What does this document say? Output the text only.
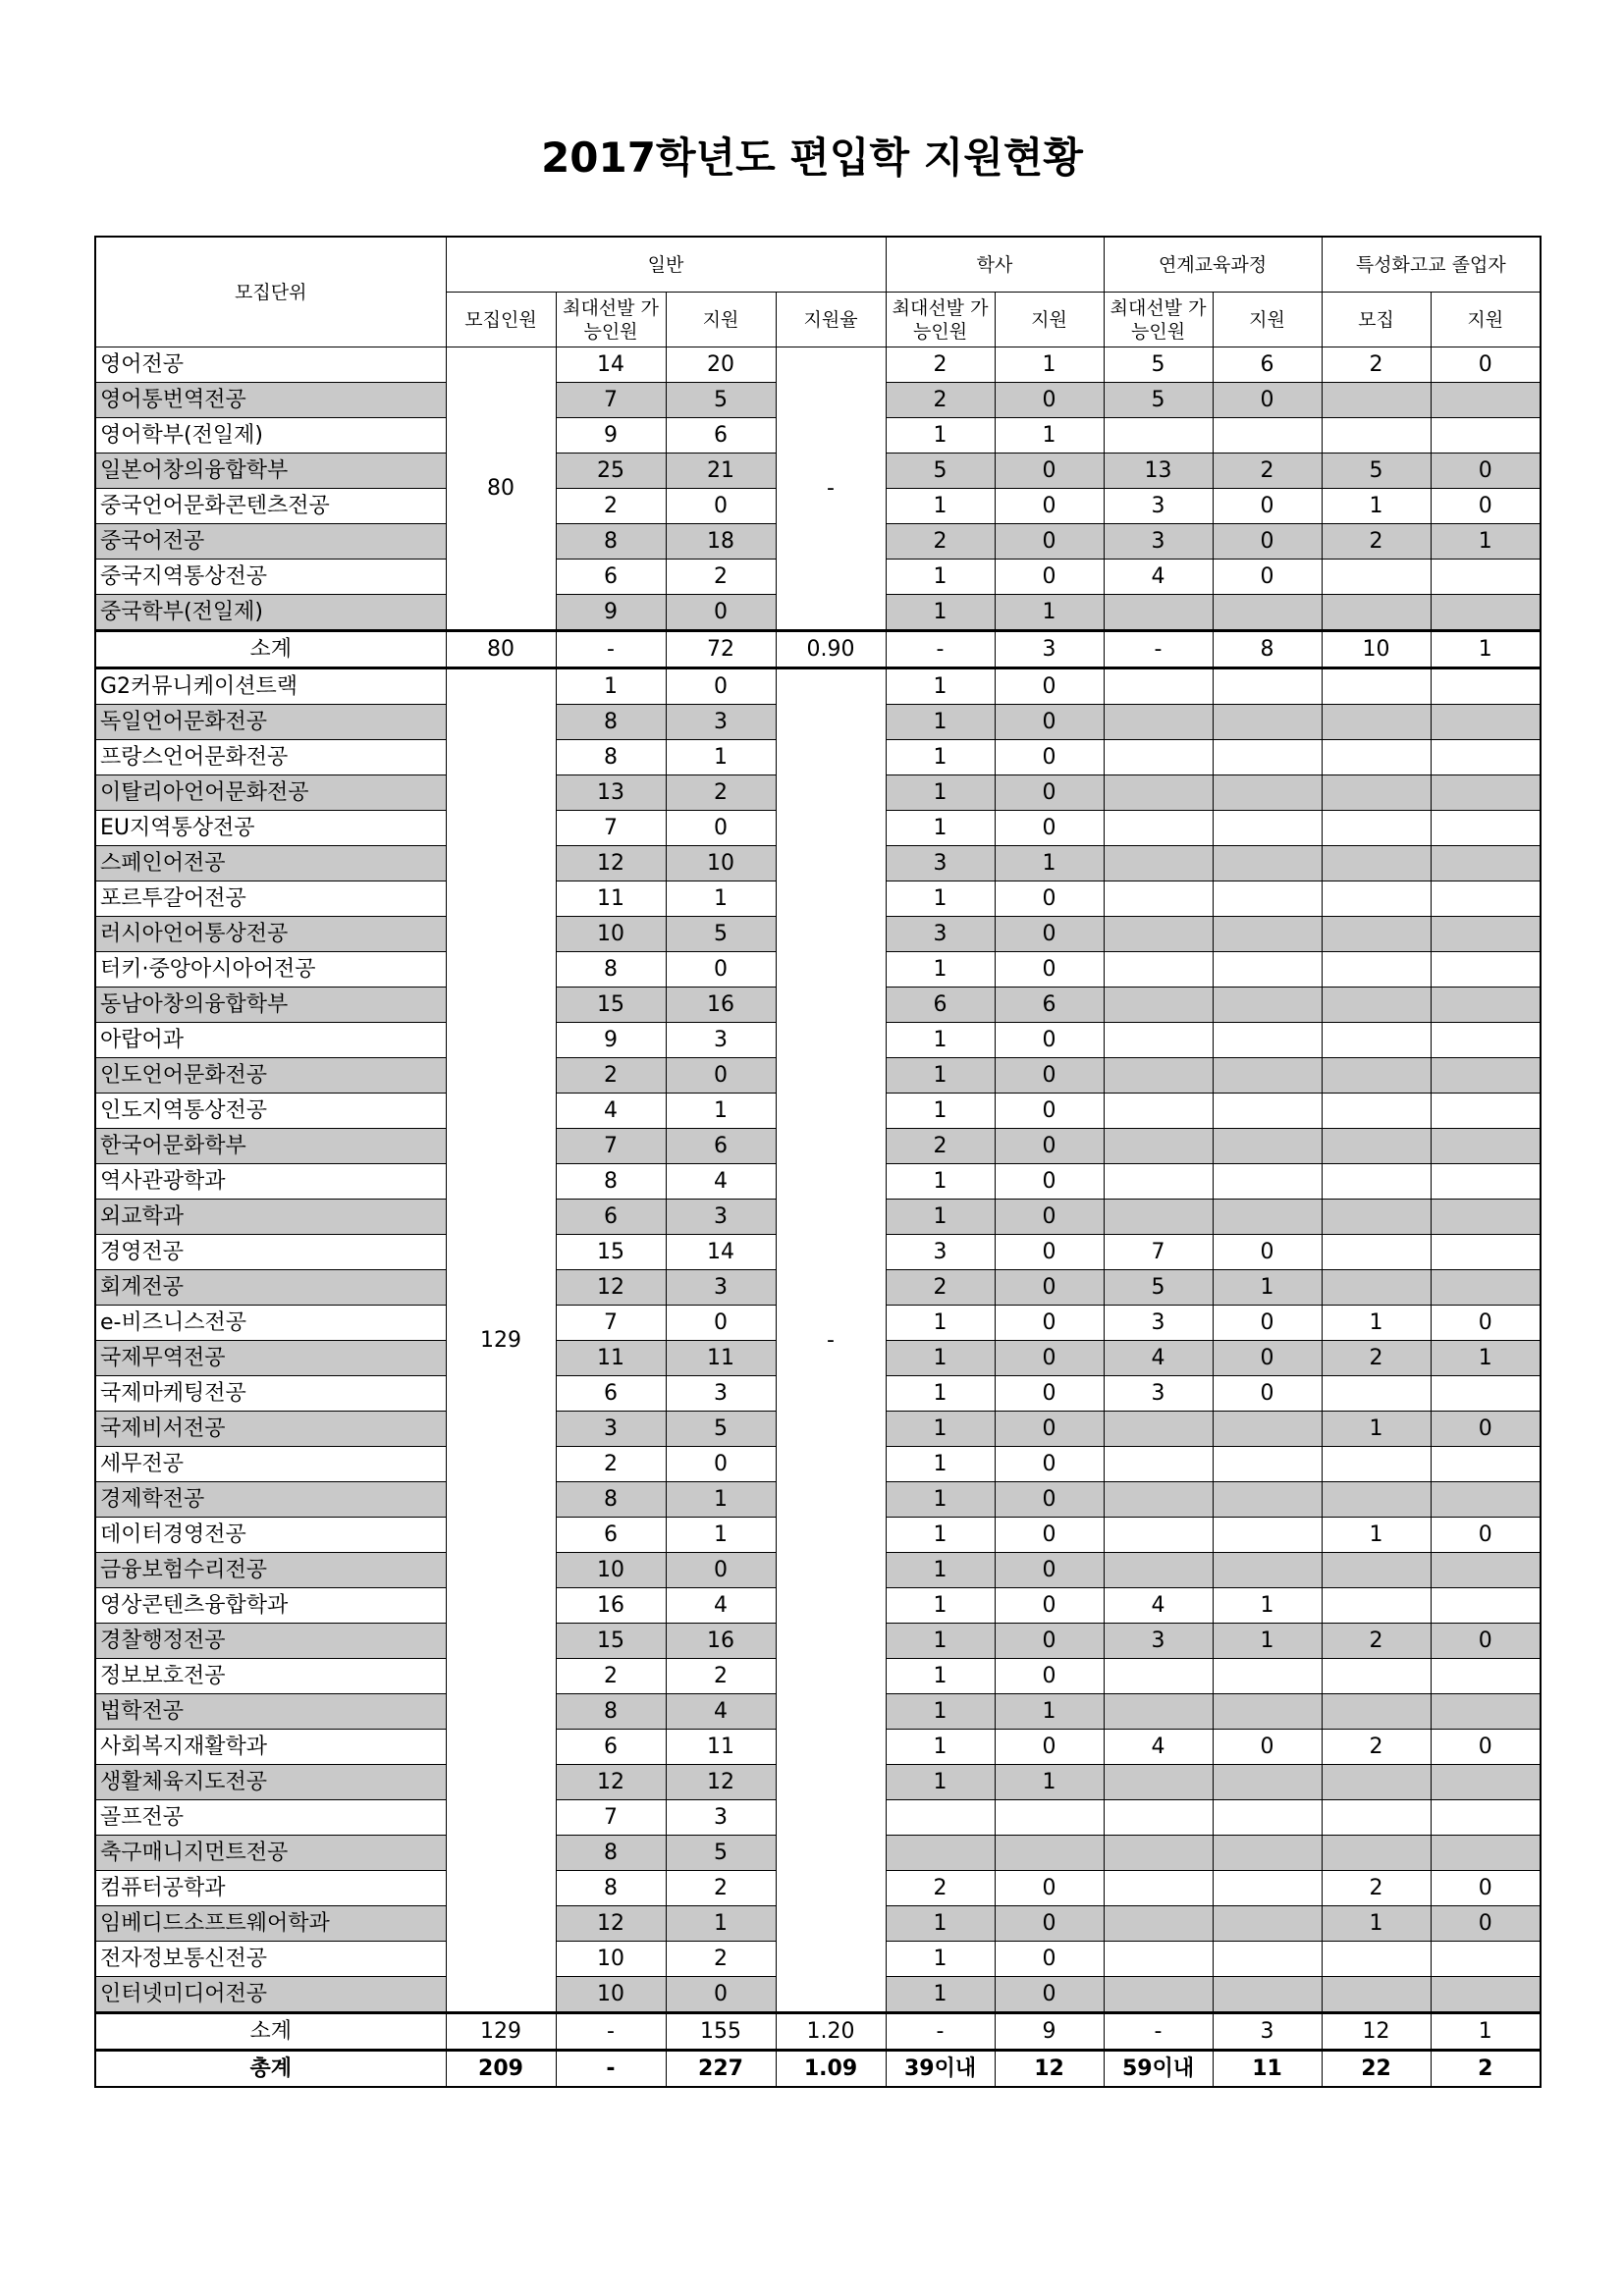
2017학년도 편입학 지원현황
모집단위	일반				학사		연계교육과정		특성화고교 졸업자	
	모집인원	최대선발 가능인원	지원	지원율	최대선발 가능인원	지원	최대선발 가능인원	지원	모집	지원
영어전공	80	14	20	-	2	1	5	6	2	0
영어통번역전공		7	5		2	0	5	0		
영어학부(전일제)		9	6		1	1				
일본어창의융합학부		25	21		5	0	13	2	5	0
중국언어문화콘텐츠전공		2	0		1	0	3	0	1	0
중국어전공		8	18		2	0	3	0	2	1
중국지역통상전공		6	2		1	0	4	0		
중국학부(전일제)		9	0		1	1				
소계	80	-	72	0.90	-	3	-	8	10	1
G2커뮤니케이션트랙	129	1	0	-	1	0				
독일언어문화전공		8	3		1	0				
프랑스언어문화전공		8	1		1	0				
이탈리아언어문화전공		13	2		1	0				
EU지역통상전공		7	0		1	0				
스페인어전공		12	10		3	1				
포르투갈어전공		11	1		1	0				
러시아언어통상전공		10	5		3	0				
터키·중앙아시아어전공		8	0		1	0				
동남아창의융합학부		15	16		6	6				
아랍어과		9	3		1	0				
인도언어문화전공		2	0		1	0				
인도지역통상전공		4	1		1	0				
한국어문화학부		7	6		2	0				
역사관광학과		8	4		1	0				
외교학과		6	3		1	0				
경영전공		15	14		3	0	7	0		
회계전공		12	3		2	0	5	1		
e-비즈니스전공		7	0		1	0	3	0	1	0
국제무역전공		11	11		1	0	4	0	2	1
국제마케팅전공		6	3		1	0	3	0		
국제비서전공		3	5		1	0			1	0
세무전공		2	0		1	0				
경제학전공		8	1		1	0				
데이터경영전공		6	1		1	0			1	0
금융보험수리전공		10	0		1	0				
영상콘텐츠융합학과		16	4		1	0	4	1		
경찰행정전공		15	16		1	0	3	1	2	0
정보보호전공		2	2		1	0				
법학전공		8	4		1	1				
사회복지재활학과		6	11		1	0	4	0	2	0
생활체육지도전공		12	12		1	1				
골프전공		7	3							
축구매니지먼트전공		8	5							
컴퓨터공학과		8	2		2	0			2	0
임베디드소프트웨어학과		12	1		1	0			1	0
전자정보통신전공		10	2		1	0				
인터넷미디어전공		10	0		1	0				
소계	129	-	155	1.20	-	9	-	3	12	1
총계	209	-	227	1.09	39이내	12	59이내	11	22	2
